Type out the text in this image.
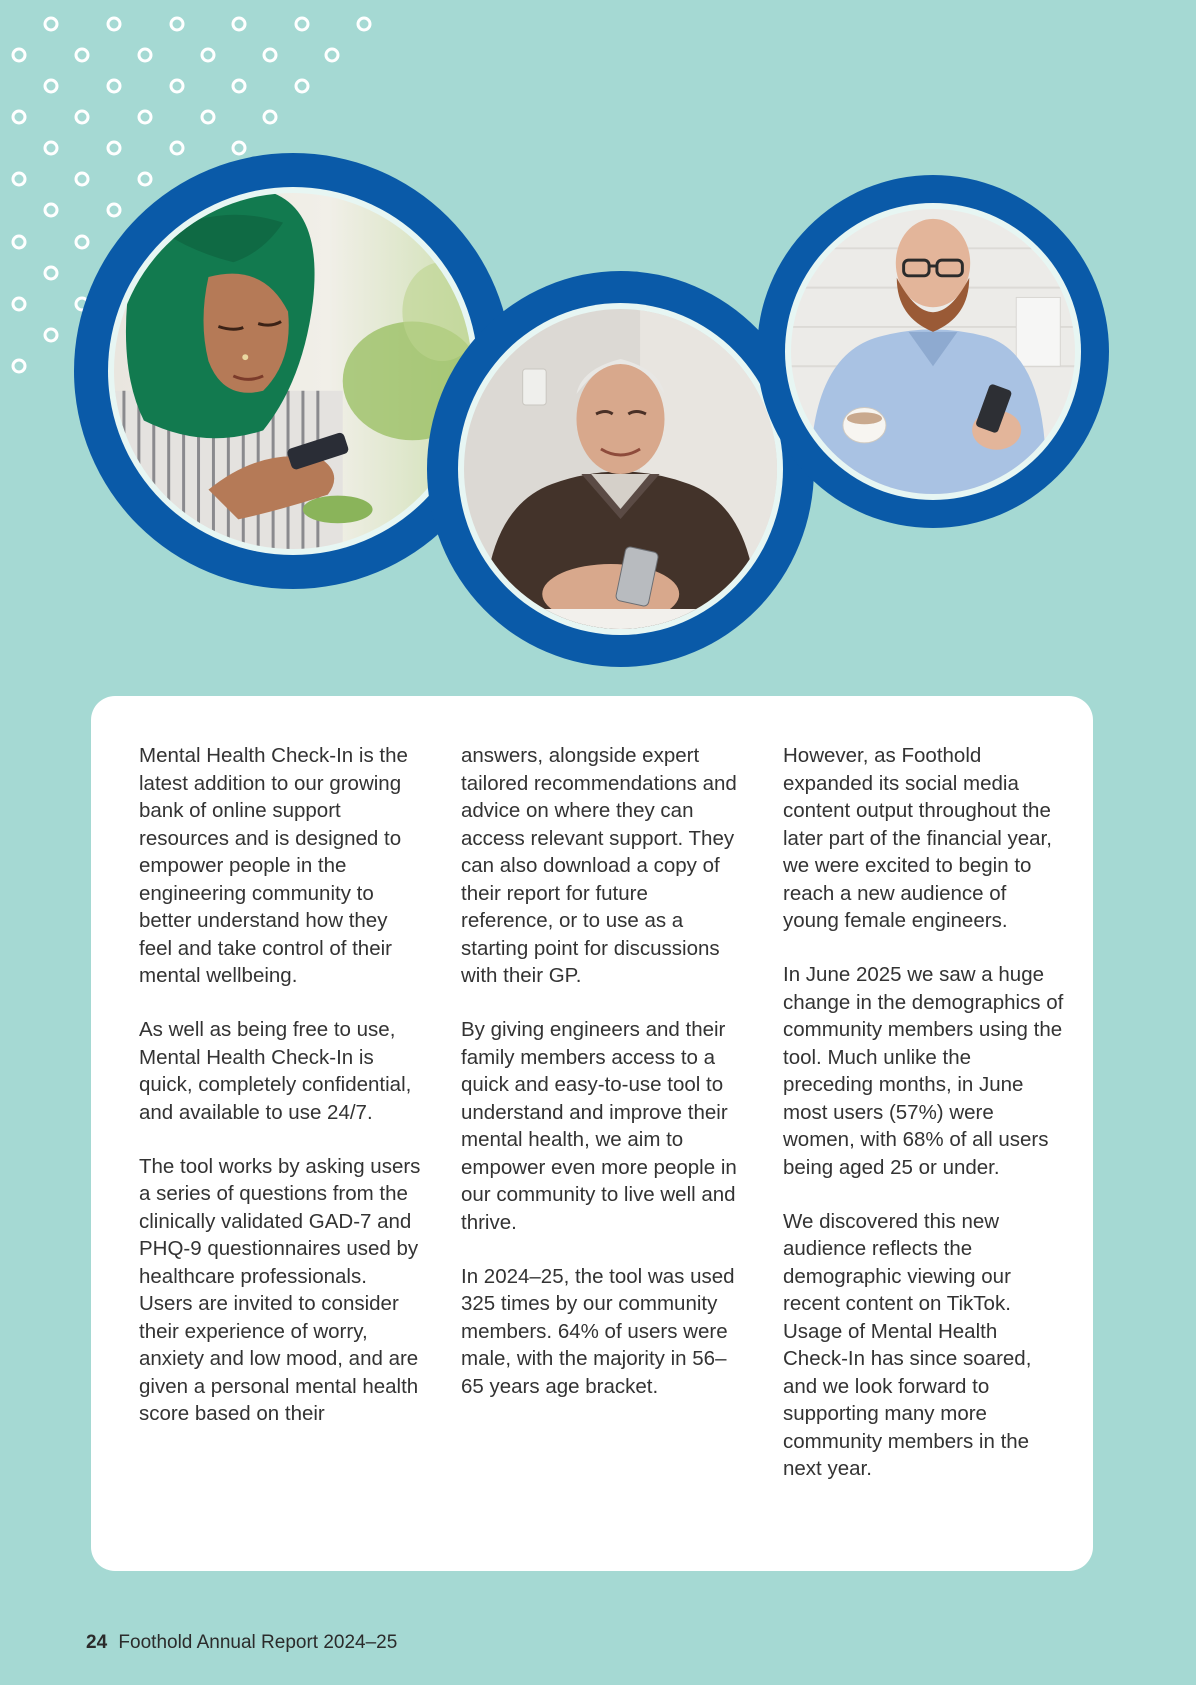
Mental Health Check-In is the latest addition to our growing bank of online support resources and is designed to empower people in the engineering community to better understand how they feel and take control of their mental wellbeing.

As well as being free to use, Mental Health Check-In is quick, completely confidential, and available to use 24/7.

The tool works by asking users a series of questions from the clinically validated GAD-7 and PHQ-9 questionnaires used by healthcare professionals. Users are invited to consider their experience of worry, anxiety and low mood, and are given a personal mental health score based on their

answers, alongside expert tailored recommendations and advice on where they can access relevant support. They can also download a copy of their report for future reference, or to use as a starting point for discussions with their GP.

By giving engineers and their family members access to a quick and easy-to-use tool to understand and improve their mental health, we aim to empower even more people in our community to live well and thrive.

In 2024–25, the tool was used 325 times by our community members. 64% of users were male, with the majority in 56–65 years age bracket.

However, as Foothold expanded its social media content output throughout the later part of the financial year, we were excited to begin to reach a new audience of young female engineers.

In June 2025 we saw a huge change in the demographics of community members using the tool. Much unlike the preceding months, in June most users (57%) were women, with 68% of all users being aged 25 or under.

We discovered this new audience reflects the demographic viewing our recent content on TikTok. Usage of Mental Health Check-In has since soared, and we look forward to supporting many more community members in the next year.

24 Foothold Annual Report 2024–25
